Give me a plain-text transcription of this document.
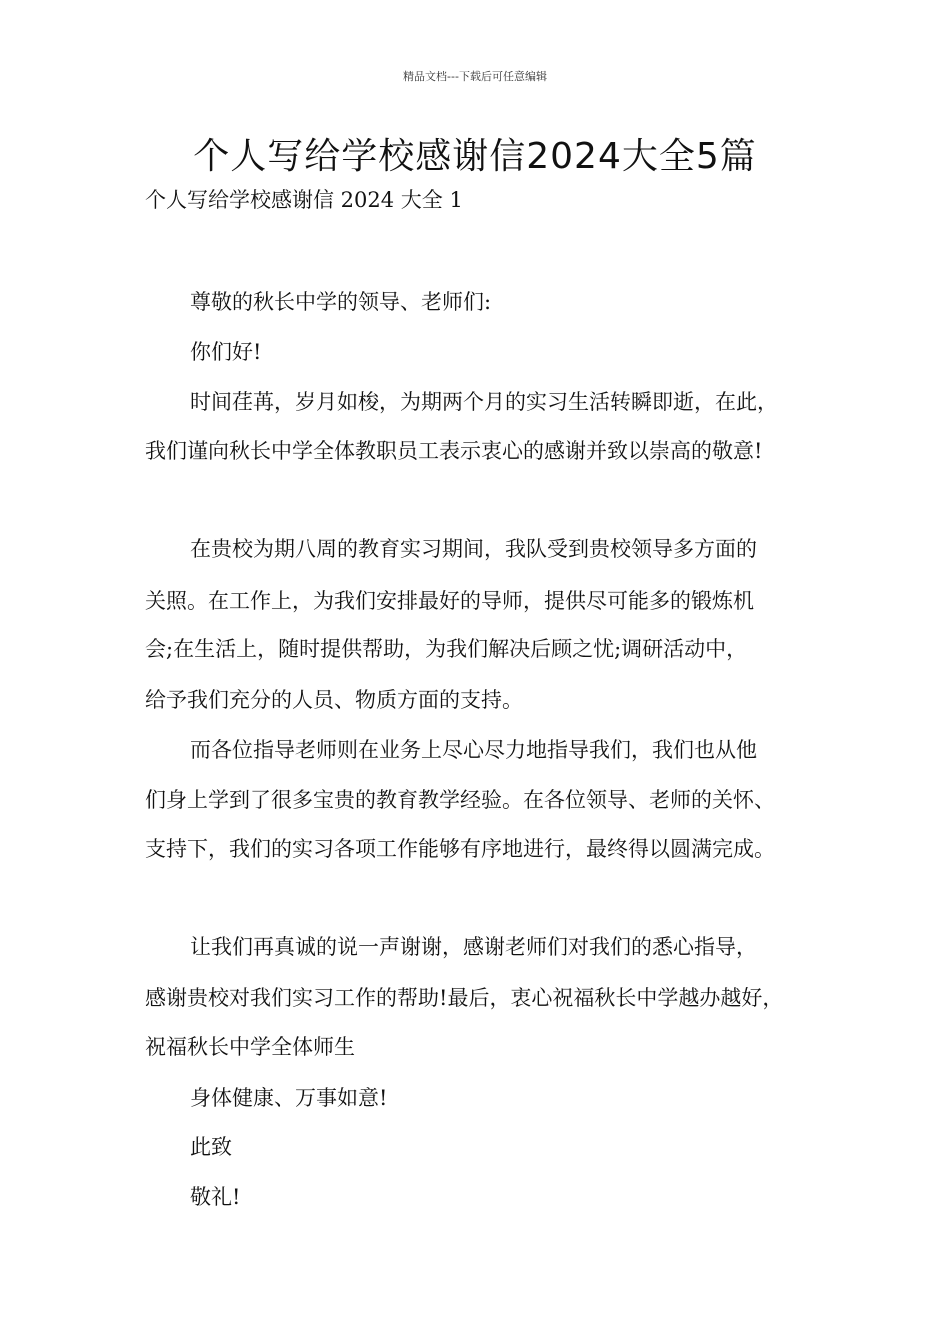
精品文档---下载后可任意编辑
个人写给学校感谢信2024大全5篇
个人写给学校感谢信 2024 大全 1
尊敬的秋长中学的领导、老师们:
你们好!
时间荏苒，岁月如梭，为期两个月的实习生活转瞬即逝，在此，
我们谨向秋长中学全体教职员工表示衷心的感谢并致以崇高的敬意!
在贵校为期八周的教育实习期间，我队受到贵校领导多方面的
关照。在工作上，为我们安排最好的导师，提供尽可能多的锻炼机
会;在生活上，随时提供帮助，为我们解决后顾之忧;调研活动中，
给予我们充分的人员、物质方面的支持。
而各位指导老师则在业务上尽心尽力地指导我们，我们也从他
们身上学到了很多宝贵的教育教学经验。在各位领导、老师的关怀、
支持下，我们的实习各项工作能够有序地进行，最终得以圆满完成。
让我们再真诚的说一声谢谢，感谢老师们对我们的悉心指导，
感谢贵校对我们实习工作的帮助!最后，衷心祝福秋长中学越办越好，
祝福秋长中学全体师生
身体健康、万事如意!
此致
敬礼!
